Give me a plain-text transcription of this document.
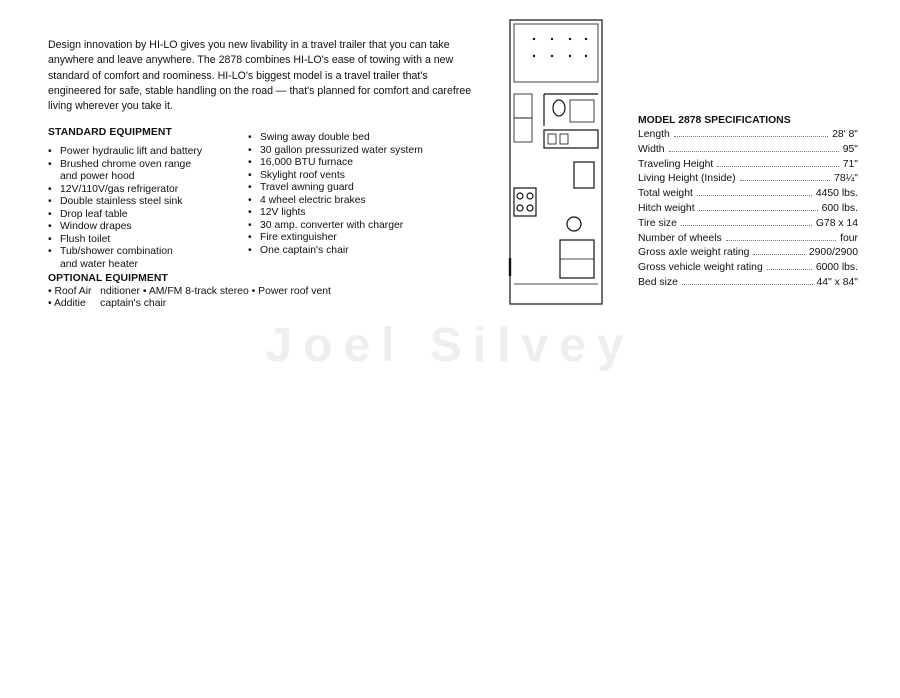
Design innovation by HI-LO gives you new livability in a travel trailer that you can take anywhere and leave anywhere. The 2878 combines HI-LO's ease of towing with a new standard of comfort and roominess. HI-LO's biggest model is a travel trailer that's engineered for safe, stable handling on the road — that's planned for comfort and carefree living wherever you take it.

STANDARD EQUIPMENT
• Power hydraulic lift and battery
• Brushed chrome oven range
and power hood
• 12V/110V/gas refrigerator
• Double stainless steel sink
• Drop leaf table
• Window drapes
• Flush toilet
• Tub/shower combination
and water heater
• Swing away double bed
• 30 gallon pressurized water system
• 16,000 BTU furnace
• Skylight roof vents
• Travel awning guard
• 4 wheel electric brakes
• 12V lights
• 30 amp. converter with charger
• Fire extinguisher
• One captain's chair
OPTIONAL EQUIPMENT
• Roof Air   nditioner • AM/FM 8-track stereo • Power roof vent
• Additie     captain's chair
Joel Silvey
MODEL 2878 SPECIFICATIONS
Length	28' 8"
Width	95"
Traveling Height	71"
Living Height (Inside)	78¼"
Total weight	4450 lbs.
Hitch weight	600 lbs.
Tire size	G78 x 14
Number of wheels	four
Gross axle weight rating	2900/2900
Gross vehicle weight rating	6000 lbs.
Bed size	44" x 84"
